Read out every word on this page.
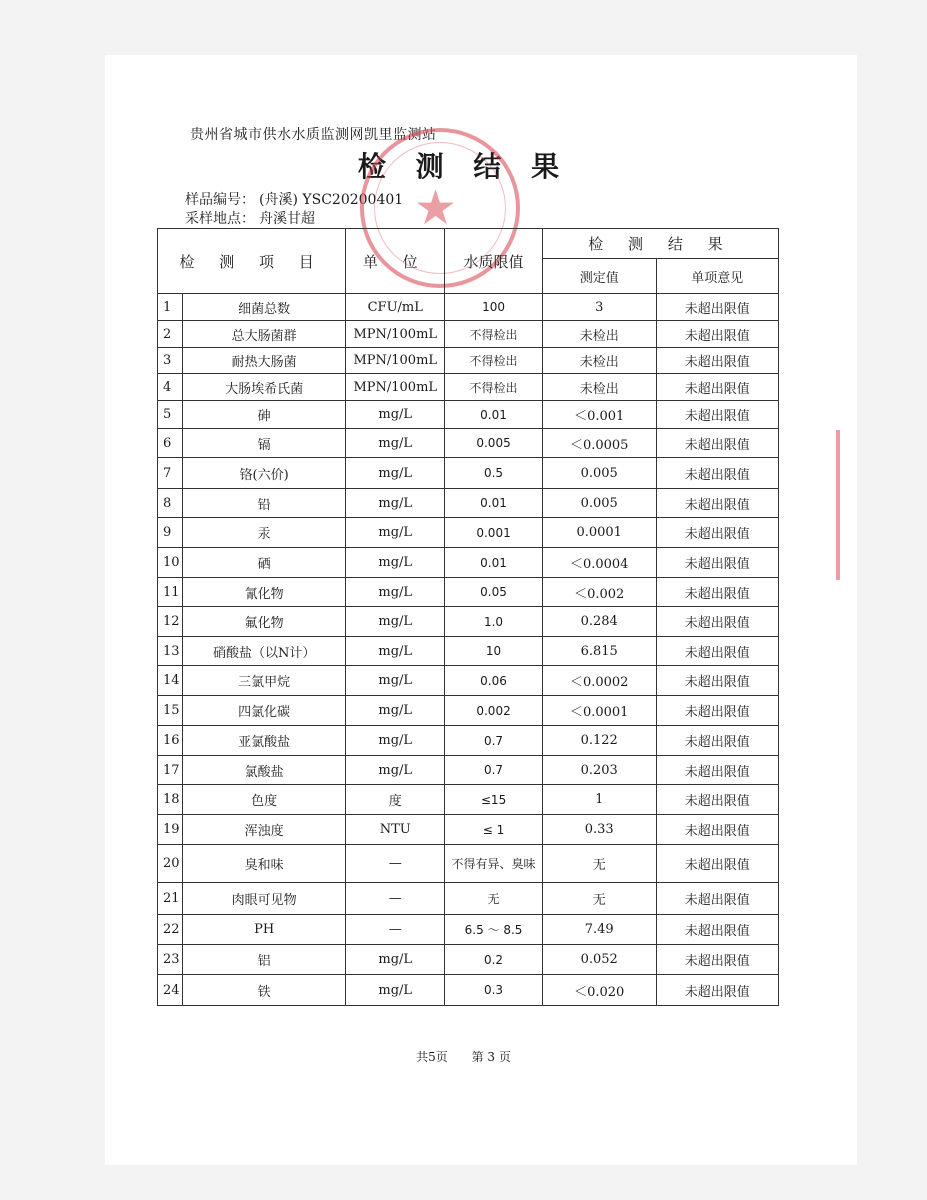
贵州省城市供水水质监测网凯里监测站
检 测 结 果
样品编号： (舟溪) YSC20200401
采样地点： 舟溪甘超 ★
检 测 项 目		单 位	水质限值	检 测 结 果	
				测定值	单项意见
1	细菌总数	CFU/mL	100	3	未超出限值
2	总大肠菌群	MPN/100mL	不得检出	未检出	未超出限值
3	耐热大肠菌	MPN/100mL	不得检出	未检出	未超出限值
4	大肠埃希氏菌	MPN/100mL	不得检出	未检出	未超出限值
5	砷	mg/L	0.01	＜0.001	未超出限值
6	镉	mg/L	0.005	＜0.0005	未超出限值
7	铬(六价)	mg/L	0.5	0.005	未超出限值
8	铅	mg/L	0.01	0.005	未超出限值
9	汞	mg/L	0.001	0.0001	未超出限值
10	硒	mg/L	0.01	＜0.0004	未超出限值
11	氰化物	mg/L	0.05	＜0.002	未超出限值
12	氟化物	mg/L	1.0	0.284	未超出限值
13	硝酸盐（以N计）	mg/L	10	6.815	未超出限值
14	三氯甲烷	mg/L	0.06	＜0.0002	未超出限值
15	四氯化碳	mg/L	0.002	＜0.0001	未超出限值
16	亚氯酸盐	mg/L	0.7	0.122	未超出限值
17	氯酸盐	mg/L	0.7	0.203	未超出限值
18	色度	度	≤15	1	未超出限值
19	浑浊度	NTU	≤ 1	0.33	未超出限值
20	臭和味	—	不得有异、臭味	无	未超出限值
21	肉眼可见物	—	无	无	未超出限值
22	PH	—	6.5 ～ 8.5	7.49	未超出限值
23	铝	mg/L	0.2	0.052	未超出限值
24	铁	mg/L	0.3	＜0.020	未超出限值
共5页 第 3 页
